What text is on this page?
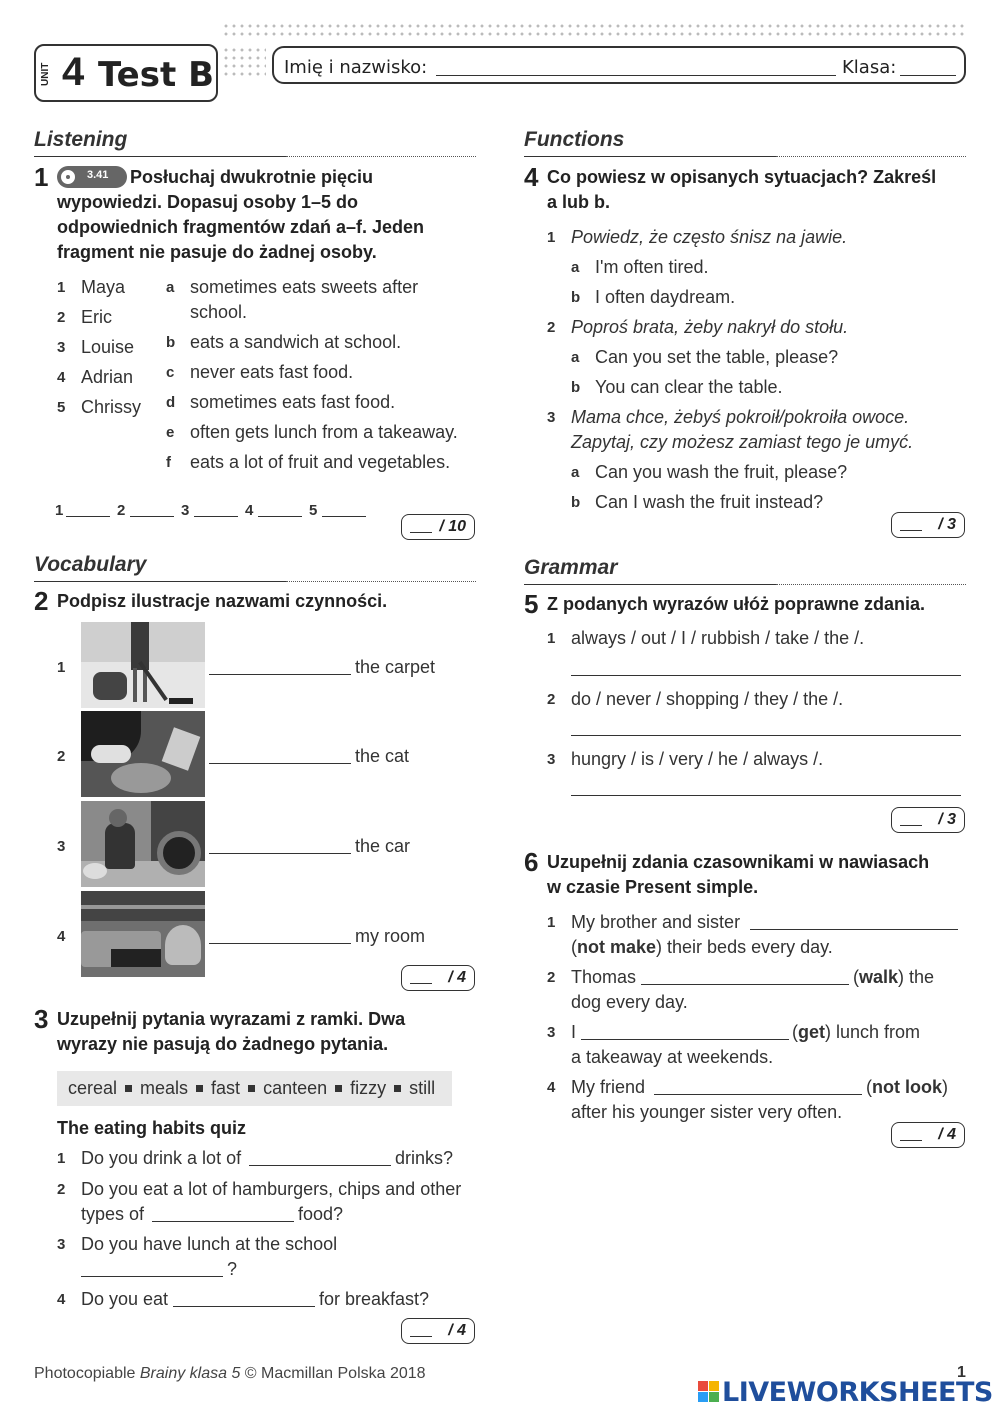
UNIT 4 Test B	Imię i nazwisko:	Klasa:
Listening
1	3.41 Posłuchaj dwukrotnie pięciu
wypowiedzi. Dopasuj osoby 1–5 do
odpowiednich fragmentów zdań a–f. Jeden
fragment nie pasuje do żadnej osoby.
1 Maya
2 Eric
3 Louise
4 Adrian
5 Chrissy
a sometimes eats sweets after
school.
b eats a sandwich at school.
c never eats fast food.
d sometimes eats fast food.
e often gets lunch from a takeaway.
f eats a lot of fruit and vegetables.
1	2	3	4	5
/ 10
Vocabulary
2 Podpisz ilustracje nazwami czynności.
1	the carpet
2	the cat
3	the car
4	my room
/ 4
3 Uzupełnij pytania wyrazami z ramki. Dwa
wyrazy nie pasują do żadnego pytania.
cereal meals fast canteen fizzy still
The eating habits quiz
1 Do you drink a lot of	drinks?
2 Do you eat a lot of hamburgers, chips and other
types of	food?
3 Do you have lunch at the school
?
4 Do you eat	for breakfast?
/ 4
Functions
4 Co powiesz w opisanych sytuacjach? Zakreśl
a lub b.
1 Powiedz, że często śnisz na jawie.
a I'm often tired.
b I often daydream.
2 Poproś brata, żeby nakrył do stołu.
a Can you set the table, please?
b You can clear the table.
3 Mama chce, żebyś pokroił/pokroiła owoce.
Zapytaj, czy możesz zamiast tego je umyć.
a Can you wash the fruit, please?
b Can I wash the fruit instead?
/ 3
Grammar
5 Z podanych wyrazów ułóż poprawne zdania.
1 always / out / I / rubbish / take / the /.
2 do / never / shopping / they / the /.
3 hungry / is / very / he / always /.
/ 3
6 Uzupełnij zdania czasownikami w nawiasach
w czasie Present simple.
1 My brother and sister
(not make) their beds every day.
2 Thomas	(walk) the
dog every day.
3 I	(get) lunch from
a takeaway at weekends.
4 My friend	(not look)
after his younger sister very often.
/ 4
Photocopiable Brainy klasa 5 © Macmillan Polska 2018	1
LIVEWORKSHEETS
